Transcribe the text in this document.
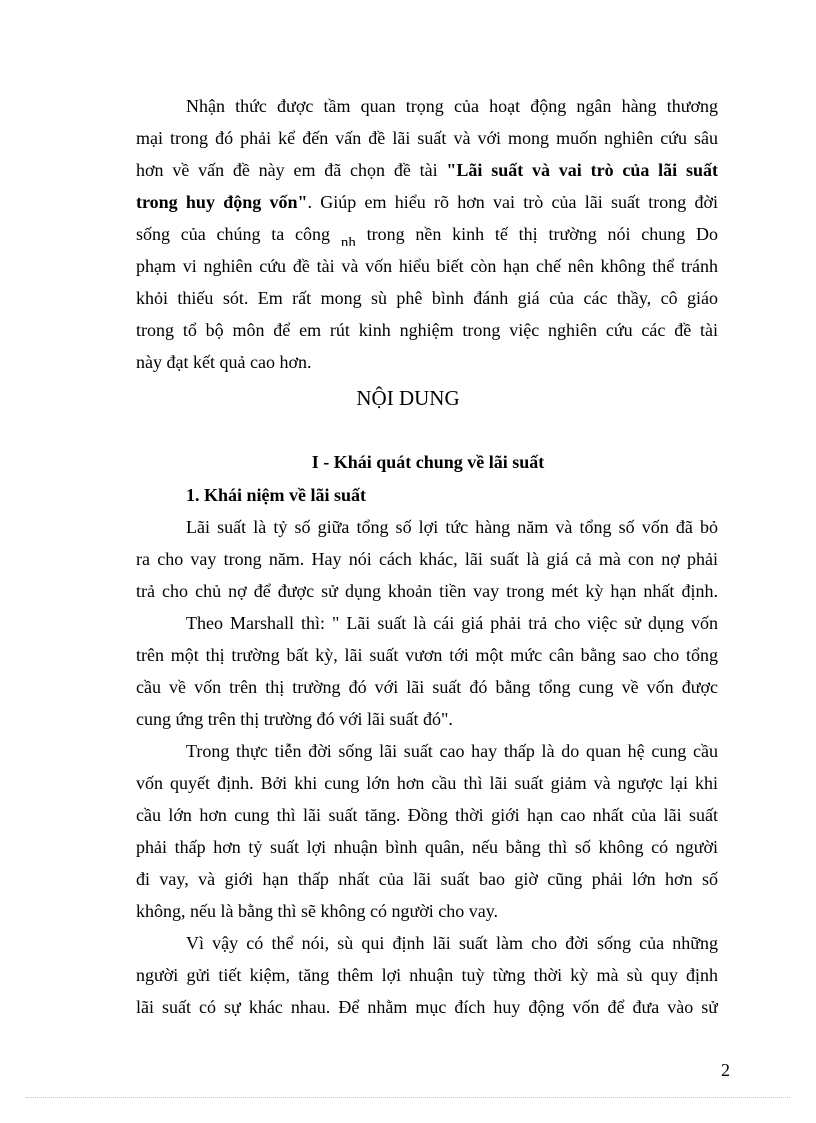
Nhận thức được tầm quan trọng của hoạt động ngân hàng thương
mại trong đó phải kể đến vấn đề lãi suất và với mong muốn nghiên cứu sâu
hơn về vấn đề này em đã chọn đề tài "Lãi suất và vai trò của lãi suất
trong huy động vốn". Giúp em hiểu rõ hơn vai trò của lãi suất trong đời
sống của chúng ta công $_{nh}$ trong nền kinh tế thị trường nói chung Do
phạm vi nghiên cứu đề tài và vốn hiểu biết còn hạn chế nên không thể tránh
khỏi thiếu sót. Em rất mong sù phê bình đánh giá của các thầy, cô giáo
trong tổ bộ môn để em rút kinh nghiệm trong việc nghiên cứu các đề tài
này đạt kết quả cao hơn.
NỘI DUNG
I - Khái quát chung về lãi suất
1. Khái niệm về lãi suất
Lãi suất là tỷ số giữa tổng số lợi tức hàng năm và tổng số vốn đã bỏ
ra cho vay trong năm. Hay nói cách khác, lãi suất là giá cả mà con nợ phải
trả cho chủ nợ để được sử dụng khoản tiền vay trong mét kỳ hạn nhất định.
Theo Marshall thì: " Lãi suất là cái giá phải trả cho việc sử dụng vốn
trên một thị trường bất kỳ, lãi suất vươn tới một mức cân bằng sao cho tổng
cầu về vốn trên thị trường đó với lãi suất đó bằng tổng cung về vốn được
cung ứng trên thị trường đó với lãi suất đó".
Trong thực tiễn đời sống lãi suất cao hay thấp là do quan hệ cung cầu
vốn quyết định. Bởi khi cung lớn hơn cầu thì lãi suất giảm và ngược lại khi
cầu lớn hơn cung thì lãi suất tăng. Đồng thời giới hạn cao nhất của lãi suất
phải thấp hơn tỷ suất lợi nhuận bình quân, nếu bằng thì số không có người
đi vay, và giới hạn thấp nhất của lãi suất bao giờ cũng phải lớn hơn số
không, nếu là bằng thì sẽ không có người cho vay.
Vì vậy có thể nói, sù qui định lãi suất làm cho đời sống của những
người gửi tiết kiệm, tăng thêm lợi nhuận tuỳ từng thời kỳ mà sù quy định
lãi suất có sự khác nhau. Để nhằm mục đích huy động vốn để đưa vào sử
2
